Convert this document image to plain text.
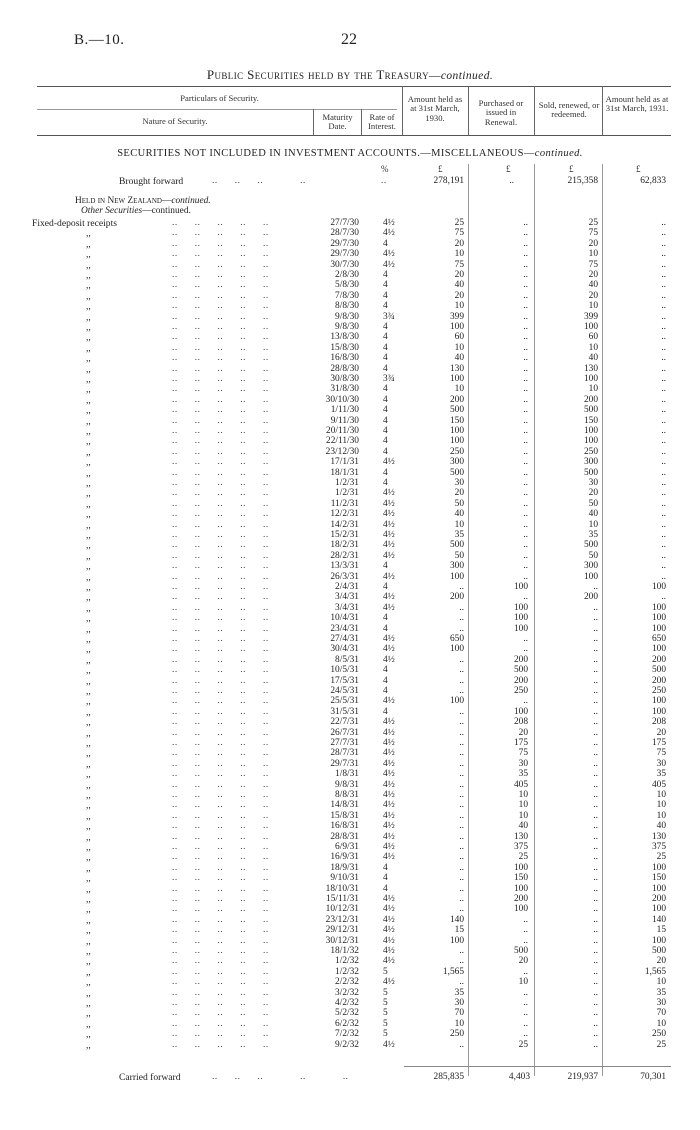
B.—10.	22
Public Securities held by the Treasury—continued.
Particulars of Security.
Nature of Security.	Maturity Date.
Rate of Interest.
Amount held as at 31st March, 1930.
Purchased or issued in Renewal.
Sold, renewed, or redeemed.
Amount held as at 31st March, 1931.
SECURITIES NOT INCLUDED IN INVESTMENT ACCOUNTS.—MISCELLANEOUS—continued.
%	£	£	£	£
Brought forward	..      ..      ..             ..	..	278,191	..	215,358	62,833
Held in New Zealand—continued.
Other Securities—continued.
Fixed-deposit receipts	..      ..      ..      ..      ..	27/7/30	4½	25	..	25	..
,,	..      ..      ..      ..      ..	28/7/30	4½	75	..	75	..
,,	..      ..      ..      ..      ..	29/7/30	4	20	..	20	..
,,	..      ..      ..      ..      ..	29/7/30	4½	10	..	10	..
,,	..      ..      ..      ..      ..	30/7/30	4½	75	..	75	..
,,	..      ..      ..      ..      ..	2/8/30	4	20	..	20	..
,,	..      ..      ..      ..      ..	5/8/30	4	40	..	40	..
,,	..      ..      ..      ..      ..	7/8/30	4	20	..	20	..
,,	..      ..      ..      ..      ..	8/8/30	4	10	..	10	..
,,	..      ..      ..      ..      ..	9/8/30	3¾	399	..	399	..
,,	..      ..      ..      ..      ..	9/8/30	4	100	..	100	..
,,	..      ..      ..      ..      ..	13/8/30	4	60	..	60	..
,,	..      ..      ..      ..      ..	15/8/30	4	10	..	10	..
,,	..      ..      ..      ..      ..	16/8/30	4	40	..	40	..
,,	..      ..      ..      ..      ..	28/8/30	4	130	..	130	..
,,	..      ..      ..      ..      ..	30/8/30	3¾	100	..	100	..
,,	..      ..      ..      ..      ..	31/8/30	4	10	..	10	..
,,	..      ..      ..      ..      ..	30/10/30	4	200	..	200	..
,,	..      ..      ..      ..      ..	1/11/30	4	500	..	500	..
,,	..      ..      ..      ..      ..	9/11/30	4	150	..	150	..
,,	..      ..      ..      ..      ..	20/11/30	4	100	..	100	..
,,	..      ..      ..      ..      ..	22/11/30	4	100	..	100	..
,,	..      ..      ..      ..      ..	23/12/30	4	250	..	250	..
,,	..      ..      ..      ..      ..	17/1/31	4½	300	..	300	..
,,	..      ..      ..      ..      ..	18/1/31	4	500	..	500	..
,,	..      ..      ..      ..      ..	1/2/31	4	30	..	30	..
,,	..      ..      ..      ..      ..	1/2/31	4½	20	..	20	..
,,	..      ..      ..      ..      ..	11/2/31	4½	50	..	50	..
,,	..      ..      ..      ..      ..	12/2/31	4½	40	..	40	..
,,	..      ..      ..      ..      ..	14/2/31	4½	10	..	10	..
,,	..      ..      ..      ..      ..	15/2/31	4½	35	..	35	..
,,	..      ..      ..      ..      ..	18/2/31	4½	500	..	500	..
,,	..      ..      ..      ..      ..	28/2/31	4½	50	..	50	..
,,	..      ..      ..      ..      ..	13/3/31	4	300	..	300	..
,,	..      ..      ..      ..      ..	26/3/31	4½	100	..	100	..
,,	..      ..      ..      ..      ..	2/4/31	4	..	100	..	100
,,	..      ..      ..      ..      ..	3/4/31	4½	200	..	200	..
,,	..      ..      ..      ..      ..	3/4/31	4½	..	100	..	100
,,	..      ..      ..      ..      ..	10/4/31	4	..	100	..	100
,,	..      ..      ..      ..      ..	23/4/31	4	..	100	..	100
,,	..      ..      ..      ..      ..	27/4/31	4½	650	..	..	650
,,	..      ..      ..      ..      ..	30/4/31	4½	100	..	..	100
,,	..      ..      ..      ..      ..	8/5/31	4½	..	200	..	200
,,	..      ..      ..      ..      ..	10/5/31	4	..	500	..	500
,,	..      ..      ..      ..      ..	17/5/31	4	..	200	..	200
,,	..      ..      ..      ..      ..	24/5/31	4	..	250	..	250
,,	..      ..      ..      ..      ..	25/5/31	4½	100	..	..	100
,,	..      ..      ..      ..      ..	31/5/31	4	..	100	..	100
,,	..      ..      ..      ..      ..	22/7/31	4½	..	208	..	208
,,	..      ..      ..      ..      ..	26/7/31	4½	..	20	..	20
,,	..      ..      ..      ..      ..	27/7/31	4½	..	175	..	175
,,	..      ..      ..      ..      ..	28/7/31	4½	..	75	..	75
,,	..      ..      ..      ..      ..	29/7/31	4½	..	30	..	30
,,	..      ..      ..      ..      ..	1/8/31	4½	..	35	..	35
,,	..      ..      ..      ..      ..	9/8/31	4½	..	405	..	405
,,	..      ..      ..      ..      ..	8/8/31	4½	..	10	..	10
,,	..      ..      ..      ..      ..	14/8/31	4½	..	10	..	10
,,	..      ..      ..      ..      ..	15/8/31	4½	..	10	..	10
,,	..      ..      ..      ..      ..	16/8/31	4½	..	40	..	40
,,	..      ..      ..      ..      ..	28/8/31	4½	..	130	..	130
,,	..      ..      ..      ..      ..	6/9/31	4½	..	375	..	375
,,	..      ..      ..      ..      ..	16/9/31	4½	..	25	..	25
,,	..      ..      ..      ..      ..	18/9/31	4	..	100	..	100
,,	..      ..      ..      ..      ..	9/10/31	4	..	150	..	150
,,	..      ..      ..      ..      ..	18/10/31	4	..	100	..	100
,,	..      ..      ..      ..      ..	15/11/31	4½	..	200	..	200
,,	..      ..      ..      ..      ..	10/12/31	4½	..	100	..	100
,,	..      ..      ..      ..      ..	23/12/31	4½	140	..	..	140
,,	..      ..      ..      ..      ..	29/12/31	4½	15	..	..	15
,,	..      ..      ..      ..      ..	30/12/31	4½	100	..	..	100
,,	..      ..      ..      ..      ..	18/1/32	4½	..	500	..	500
,,	..      ..      ..      ..      ..	1/2/32	4½	..	20	..	20
,,	..      ..      ..      ..      ..	1/2/32	5	1,565	..	..	1,565
,,	..      ..      ..      ..      ..	2/2/32	4½	..	10	..	10
,,	..      ..      ..      ..      ..	3/2/32	5	35	..	..	35
,,	..      ..      ..      ..      ..	4/2/32	5	30	..	..	30
,,	..      ..      ..      ..      ..	5/2/32	5	70	..	..	70
,,	..      ..      ..      ..      ..	6/2/32	5	10	..	..	10
,,	..      ..      ..      ..      ..	7/2/32	5	250	..	..	250
,,	..      ..      ..      ..      ..	9/2/32	4½	..	25	..	25
Carried forward	..      ..      ..             ..             ..	285,835	4,403	219,937	70,301
